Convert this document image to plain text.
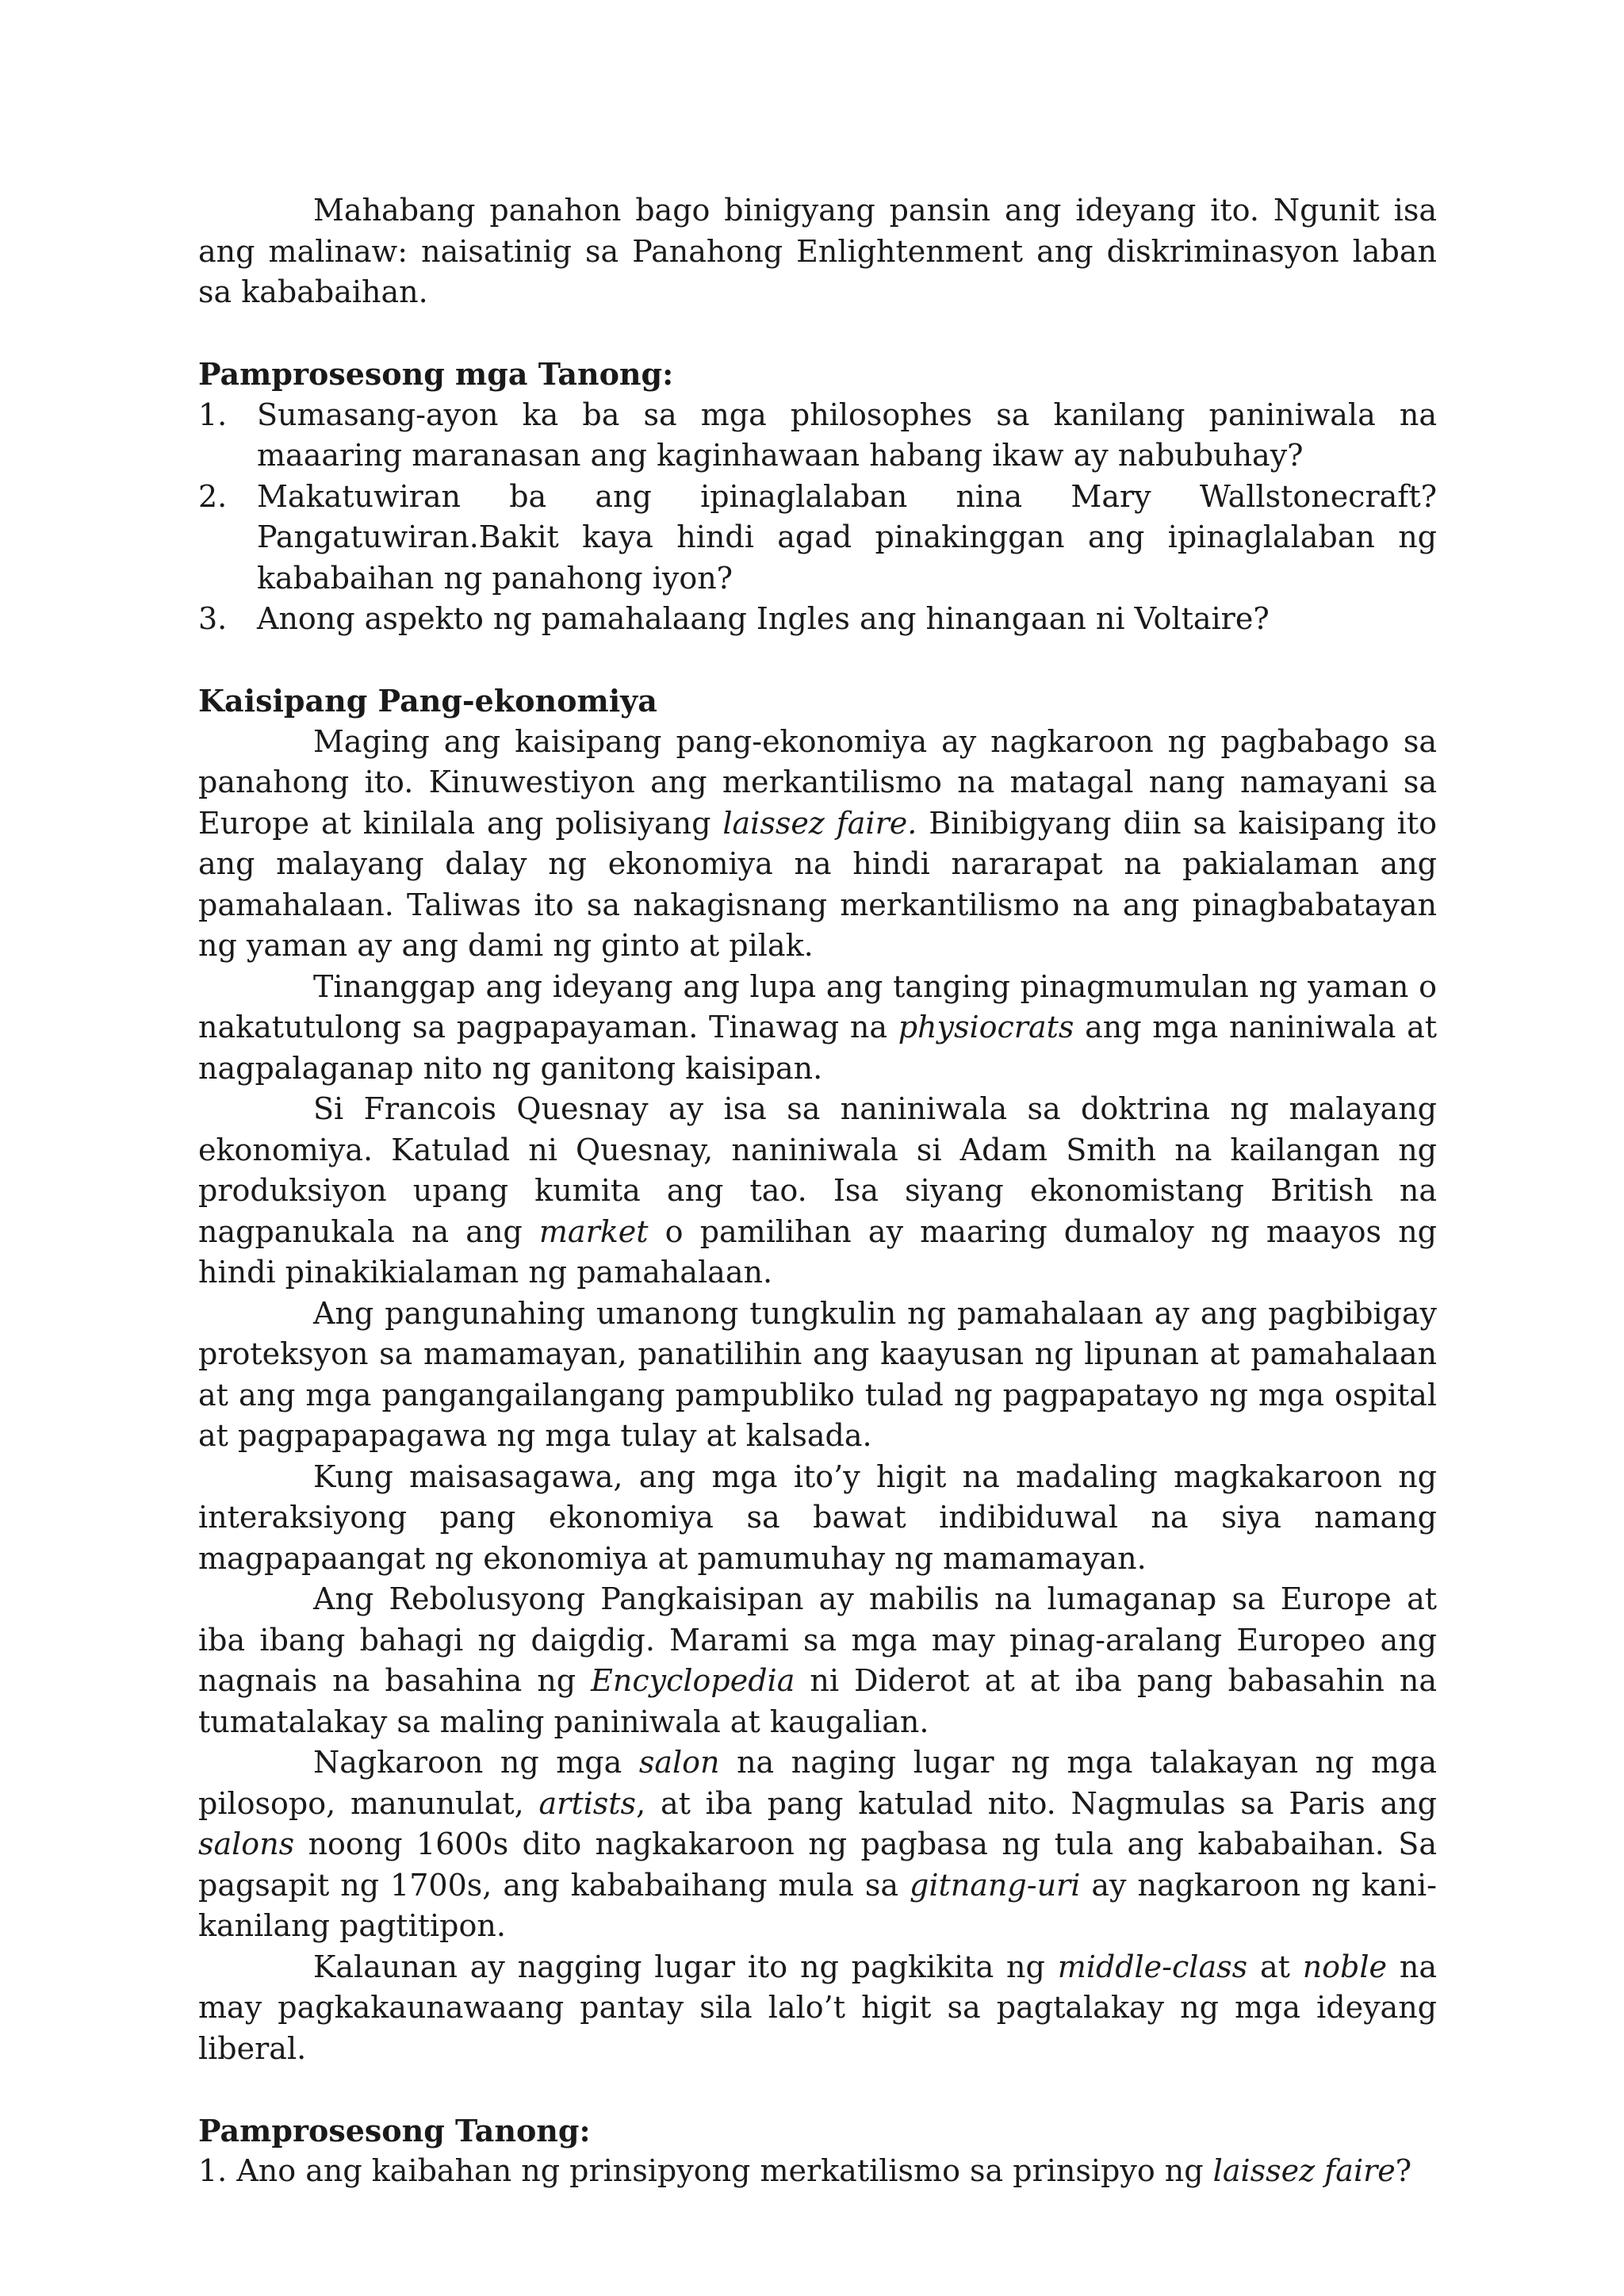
Mahabang panahon bago binigyang pansin ang ideyang ito. Ngunit isa ang malinaw: naisatinig sa Panahong Enlightenment ang diskriminasyon laban sa kababaihan.

Pamprosesong mga Tanong:

1. Sumasang-ayon ka ba sa mga philosophes sa kanilang paniniwala na maaaring maranasan ang kaginhawaan habang ikaw ay nabubuhay?
2. Makatuwiran ba ang ipinaglalaban nina Mary Wallstonecraft? Pangatuwiran.Bakit kaya hindi agad pinakinggan ang ipinaglalaban ng kababaihan ng panahong iyon?
3. Anong aspekto ng pamahalaang Ingles ang hinangaan ni Voltaire?

Kaisipang Pang-ekonomiya

Maging ang kaisipang pang-ekonomiya ay nagkaroon ng pagbabago sa panahong ito. Kinuwestiyon ang merkantilismo na matagal nang namayani sa Europe at kinilala ang polisiyang laissez faire. Binibigyang diin sa kaisipang ito ang malayang dalay ng ekonomiya na hindi nararapat na pakialaman ang pamahalaan. Taliwas ito sa nakagisnang merkantilismo na ang pinagbabatayan ng yaman ay ang dami ng ginto at pilak.

Tinanggap ang ideyang ang lupa ang tanging pinagmumulan ng yaman o nakatutulong sa pagpapayaman. Tinawag na physiocrats ang mga naniniwala at nagpalaganap nito ng ganitong kaisipan.

Si Francois Quesnay ay isa sa naniniwala sa doktrina ng malayang ekonomiya. Katulad ni Quesnay, naniniwala si Adam Smith na kailangan ng produksiyon upang kumita ang tao. Isa siyang ekonomistang British na nagpanukala na ang market o pamilihan ay maaring dumaloy ng maayos ng hindi pinakikialaman ng pamahalaan.

Ang pangunahing umanong tungkulin ng pamahalaan ay ang pagbibigay proteksyon sa mamamayan, panatilihin ang kaayusan ng lipunan at pamahalaan at ang mga pangangailangang pampubliko tulad ng pagpapatayo ng mga ospital at pagpapapagawa ng mga tulay at kalsada.

Kung maisasagawa, ang mga ito’y higit na madaling magkakaroon ng interaksiyong pang ekonomiya sa bawat indibiduwal na siya namang magpapaangat ng ekonomiya at pamumuhay ng mamamayan.

Ang Rebolusyong Pangkaisipan ay mabilis na lumaganap sa Europe at iba ibang bahagi ng daigdig. Marami sa mga may pinag-aralang Europeo ang nagnais na basahina ng Encyclopedia ni Diderot at at iba pang babasahin na tumatalakay sa maling paniniwala at kaugalian.

Nagkaroon ng mga salon na naging lugar ng mga talakayan ng mga pilosopo, manunulat, artists, at iba pang katulad nito. Nagmulas sa Paris ang salons noong 1600s dito nagkakaroon ng pagbasa ng tula ang kababaihan. Sa pagsapit ng 1700s, ang kababaihang mula sa gitnang-uri ay nagkaroon ng kani-kanilang pagtitipon.

Kalaunan ay nagging lugar ito ng pagkikita ng middle-class at noble na may pagkakaunawaang pantay sila lalo’t higit sa pagtalakay ng mga ideyang liberal.

Pamprosesong Tanong:

1. Ano ang kaibahan ng prinsipyong merkatilismo sa prinsipyo ng laissez faire?
